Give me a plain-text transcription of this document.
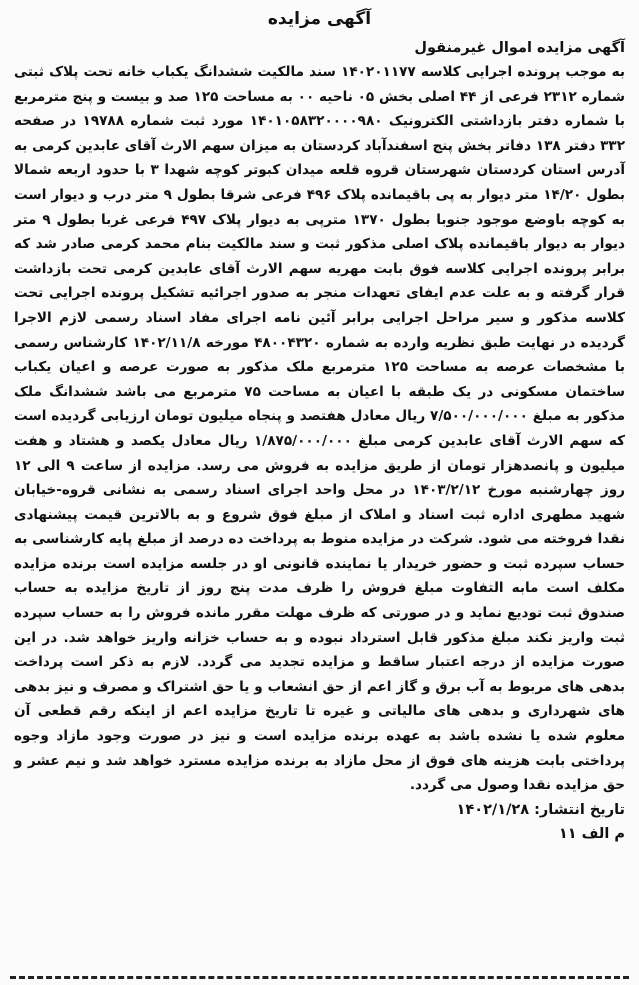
آگهی مزایده
آگهی مزایده اموال غیرمنقول

به موجب پرونده اجرایی کلاسه ۱۴۰۲۰۱۱۷۷ سند مالکیت ششدانگ یکباب خانه تحت پلاک ثبتی شماره ۲۳۱۲ فرعی از ۴۴ اصلی بخش ۰۵ ناحیه ۰۰ به مساحت ۱۲۵ صد و بیست و پنج مترمربع با شماره دفتر بازداشتی الکترونیک ۱۴۰۱۰۵۸۳۲۰۰۰۰۹۸۰ مورد ثبت شماره ۱۹۷۸۸ در صفحه ۳۳۲ دفتر ۱۳۸ دفاتر بخش پنج اسفندآباد کردستان به میزان سهم الارث آقای عابدین کرمی به آدرس استان کردستان شهرستان قروه قلعه میدان کبوتر کوچه شهدا ۳ با حدود اربعه شمالا بطول ۱۴/۲۰ متر دیوار به پی باقیمانده پلاک ۴۹۶ فرعی شرقا بطول ۹ متر درب و دیوار است به کوچه باوضع موجود جنوبا بطول ۱۳۷۰ مترپی به دیوار پلاک ۴۹۷ فرعی غربا بطول ۹ متر دیوار به دیوار باقیمانده پلاک اصلی مذکور ثبت و سند مالکیت بنام محمد کرمی صادر شد که برابر پرونده اجرایی کلاسه فوق بابت مهریه سهم الارث آقای عابدین کرمی تحت بازداشت قرار گرفته و به علت عدم ایفای تعهدات منجر به صدور اجرائیه تشکیل پرونده اجرایی تحت کلاسه مذکور و سیر مراحل اجرایی برابر آئین نامه اجرای مفاد اسناد رسمی لازم الاجرا گردیده در نهایت طبق نظریه وارده به شماره ۴۸۰۰۴۳۲۰ مورخه ۱۴۰۲/۱۱/۸ کارشناس رسمی با مشخصات عرصه به مساحت ۱۲۵ مترمربع ملک مذکور به صورت عرصه و اعیان یکباب ساختمان مسکونی در یک طبقه با اعیان به مساحت ۷۵ مترمربع می باشد ششدانگ ملک مذکور به مبلغ ۷/۵۰۰/۰۰۰/۰۰۰ ریال معادل هفتصد و پنجاه میلیون تومان ارزیابی گردیده است که سهم الارث آقای عابدین کرمی مبلغ ۱/۸۷۵/۰۰۰/۰۰۰ ریال معادل یکصد و هشتاد و هفت میلیون و پانصدهزار تومان از طریق مزایده به فروش می رسد. مزایده از ساعت ۹ الی ۱۲ روز چهارشنبه مورخ ۱۴۰۳/۲/۱۲ در محل واحد اجرای اسناد رسمی به نشانی قروه-خیابان شهید مطهری اداره ثبت اسناد و املاک از مبلغ فوق شروع و به بالاترین قیمت پیشنهادی نقدا فروخته می شود. شرکت در مزایده منوط به پرداخت ده درصد از مبلغ پایه کارشناسی به حساب سپرده ثبت و حضور خریدار یا نماینده قانونی او در جلسه مزایده است برنده مزایده مکلف است مابه التفاوت مبلغ فروش را ظرف مدت پنج روز از تاریخ مزایده به حساب صندوق ثبت تودیع نماید و در صورتی که ظرف مهلت مقرر مانده فروش را به حساب سپرده ثبت واریز نکند مبلغ مذکور قابل استرداد نبوده و به حساب خزانه واریز خواهد شد. در این صورت مزایده از درجه اعتبار ساقط و مزایده تجدید می گردد. لازم به ذکر است پرداخت بدهی های مربوط به آب برق و گاز اعم از حق انشعاب و یا حق اشتراک و مصرف و نیز بدهی های شهرداری و بدهی های مالیاتی و غیره تا تاریخ مزایده اعم از اینکه رقم قطعی آن معلوم شده یا نشده باشد به عهده برنده مزایده است و نیز در صورت وجود مازاد وجوه پرداختی بابت هزینه های فوق از محل مازاد به برنده مزایده مسترد خواهد شد و نیم عشر و حق مزایده نقدا وصول می گردد.

تاریخ انتشار: ۱۴۰۲/۱/۲۸

م الف ۱۱
